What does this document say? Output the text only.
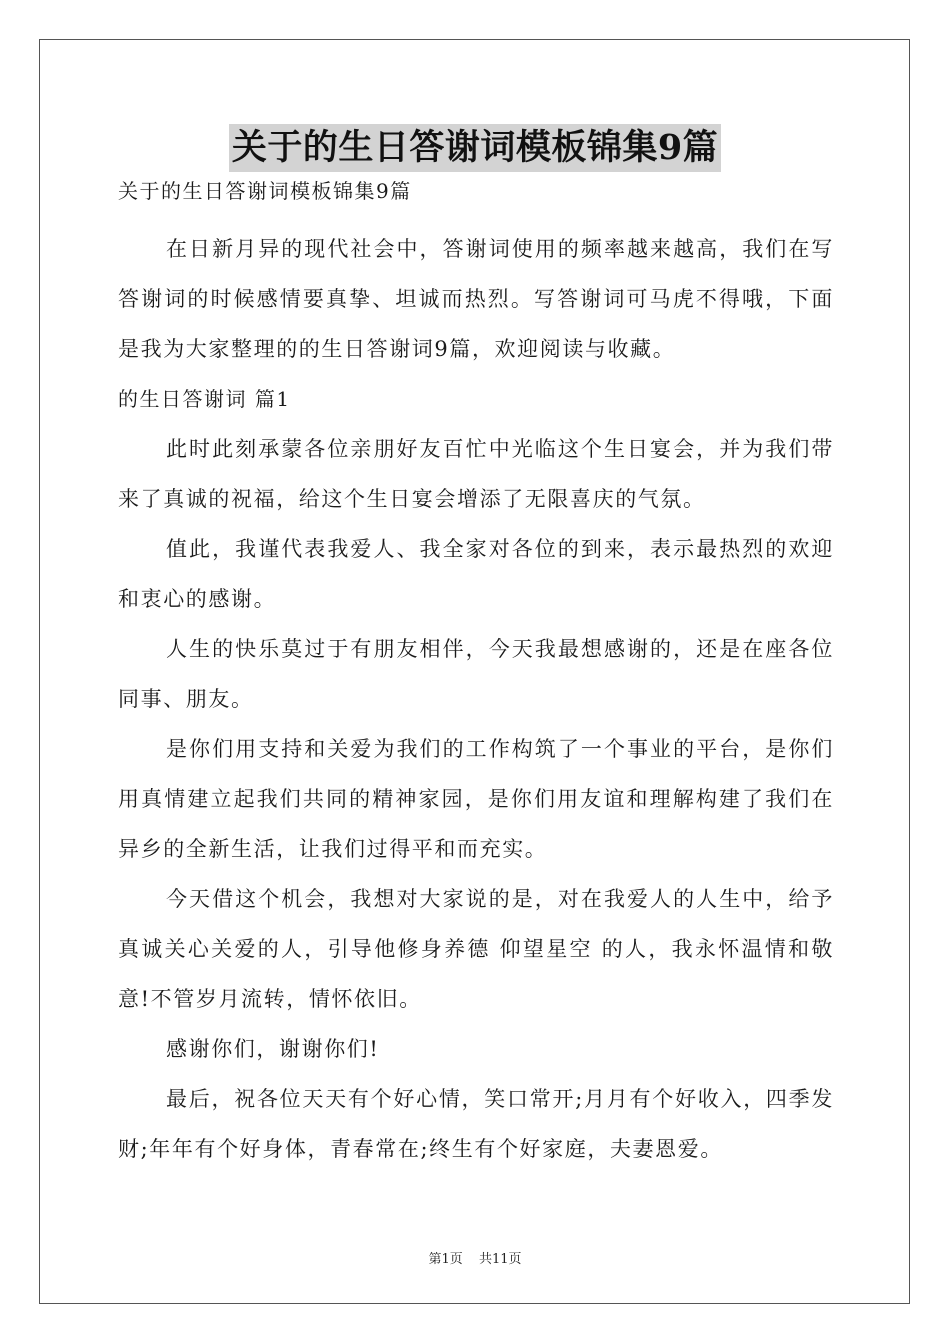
关于的生日答谢词模板锦集9篇

关于的生日答谢词模板锦集9篇

在日新月异的现代社会中，答谢词使用的频率越来越高，我们在写答谢词的时候感情要真挚、坦诚而热烈。写答谢词可马虎不得哦，下面是我为大家整理的的生日答谢词9篇，欢迎阅读与收藏。

的生日答谢词 篇1

此时此刻承蒙各位亲朋好友百忙中光临这个生日宴会，并为我们带来了真诚的祝福，给这个生日宴会增添了无限喜庆的气氛。

值此，我谨代表我爱人、我全家对各位的到来，表示最热烈的欢迎和衷心的感谢。

人生的快乐莫过于有朋友相伴，今天我最想感谢的，还是在座各位同事、朋友。

是你们用支持和关爱为我们的工作构筑了一个事业的平台，是你们用真情建立起我们共同的精神家园，是你们用友谊和理解构建了我们在异乡的全新生活，让我们过得平和而充实。

今天借这个机会，我想对大家说的是，对在我爱人的人生中，给予真诚关心关爱的人，引导他修身养德 仰望星空 的人，我永怀温情和敬意!不管岁月流转，情怀依旧。

感谢你们，谢谢你们!

最后，祝各位天天有个好心情，笑口常开;月月有个好收入，四季发财;年年有个好身体，青春常在;终生有个好家庭，夫妻恩爱。

第1页 共11页
